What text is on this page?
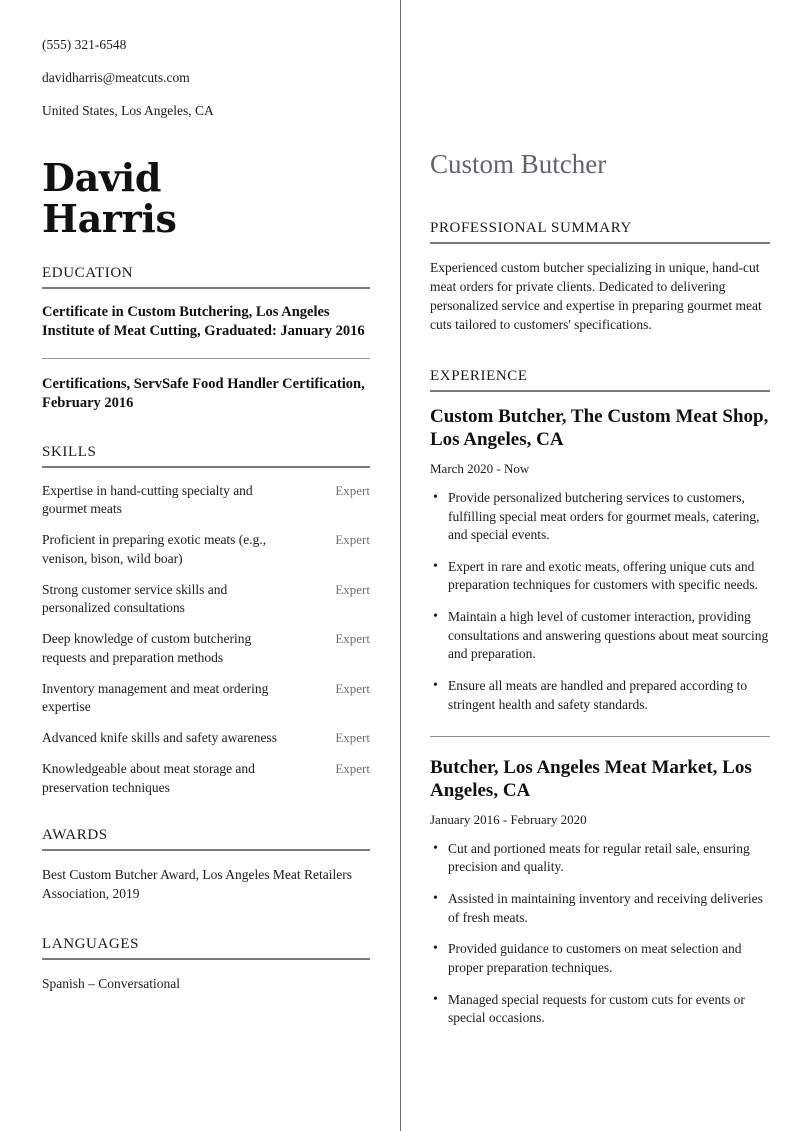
(555) 321-6548
davidharris@meatcuts.com
United States, Los Angeles, CA
David
Harris
EDUCATION
Certificate in Custom Butchering, Los Angeles Institute of Meat Cutting, Graduated: January 2016
Certifications, ServSafe Food Handler Certification, February 2016
SKILLS
Expertise in hand-cutting specialty and gourmet meats
Expert
Proficient in preparing exotic meats (e.g., venison, bison, wild boar)
Expert
Strong customer service skills and personalized consultations
Expert
Deep knowledge of custom butchering requests and preparation methods
Expert
Inventory management and meat ordering expertise
Expert
Advanced knife skills and safety awareness	Expert
Knowledgeable about meat storage and preservation techniques
Expert
AWARDS
Best Custom Butcher Award, Los Angeles Meat Retailers Association, 2019
LANGUAGES
Spanish – Conversational
Custom Butcher
PROFESSIONAL SUMMARY

Experienced custom butcher specializing in unique, hand-cut meat orders for private clients. Dedicated to delivering personalized service and expertise in preparing gourmet meat cuts tailored to customers' specifications.

EXPERIENCE
Custom Butcher, The Custom Meat Shop, Los Angeles, CA
March 2020 - Now
• Provide personalized butchering services to customers, fulfilling special meat orders for gourmet meals, catering, and special events.
• Expert in rare and exotic meats, offering unique cuts and preparation techniques for customers with specific needs.
• Maintain a high level of customer interaction, providing consultations and answering questions about meat sourcing and preparation.
• Ensure all meats are handled and prepared according to stringent health and safety standards.
Butcher, Los Angeles Meat Market, Los Angeles, CA
January 2016 - February 2020
• Cut and portioned meats for regular retail sale, ensuring precision and quality.
• Assisted in maintaining inventory and receiving deliveries of fresh meats.
• Provided guidance to customers on meat selection and proper preparation techniques.
• Managed special requests for custom cuts for events or special occasions.
